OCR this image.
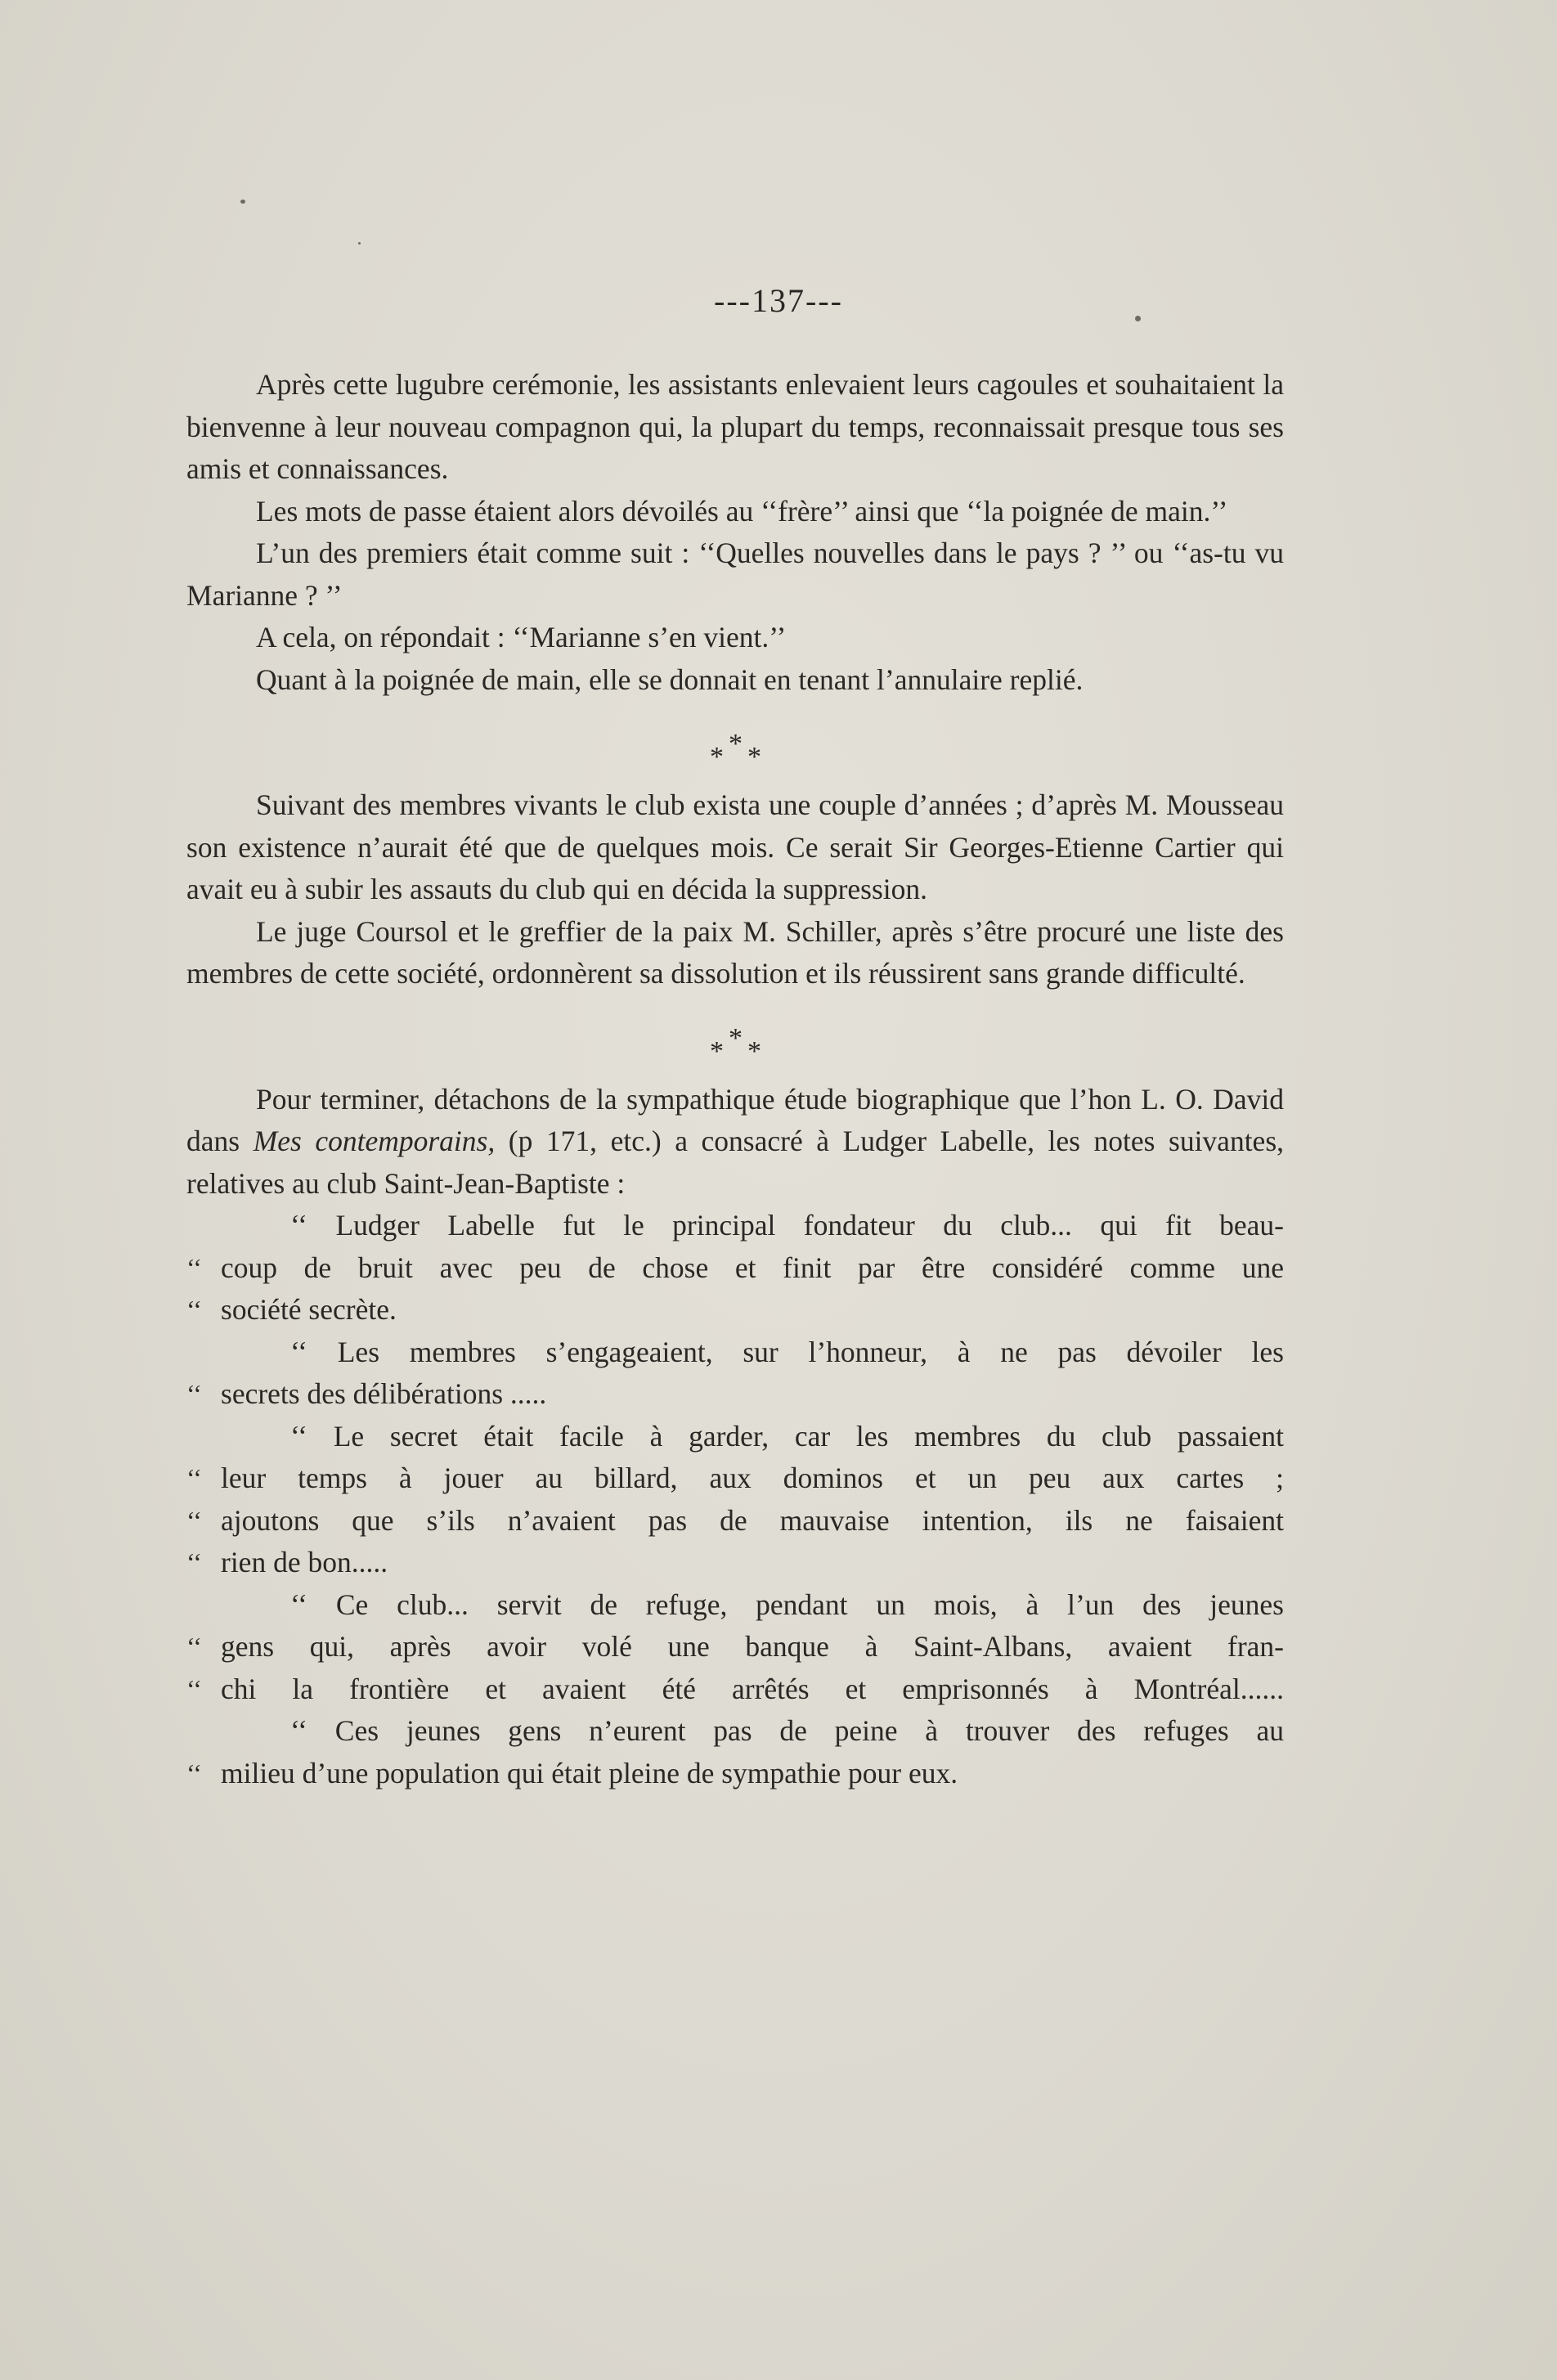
---137---

Après cette lugubre cerémonie, les assistants enlevaient leurs cagoules et souhaitaient la bienvenne à leur nouveau compagnon qui, la plupart du temps, reconnaissait presque tous ses amis et connaissances.

Les mots de passe étaient alors dévoilés au ‘‘frère’’ ainsi que ‘‘la poignée de main.’’

L’un des premiers était comme suit : ‘‘Quelles nouvelles dans le pays ? ’’ ou ‘‘as-tu vu Marianne ? ’’

A cela, on répondait : ‘‘Marianne s’en vient.’’

Quant à la poignée de main, elle se donnait en tenant l’annulaire replié.

*
* *

Suivant des membres vivants le club exista une couple d’années ; d’après M. Mousseau son existence n’aurait été que de quelques mois. Ce serait Sir Georges-Etienne Cartier qui avait eu à subir les assauts du club qui en décida la suppression.

Le juge Coursol et le greffier de la paix M. Schiller, après s’être procuré une liste des membres de cette société, ordonnèrent sa dissolution et ils réussirent sans grande difficulté.

*
* *

Pour terminer, détachons de la sympathique étude biographique que l’hon L. O. David dans Mes contemporains, (p 171, etc.) a consacré à Ludger Labelle, les notes suivantes, relatives au club Saint-Jean-Baptiste :

‘‘ Ludger Labelle fut le principal fondateur du club... qui fit beau-

‘‘ coup de bruit avec peu de chose et finit par être considéré comme une

‘‘ société secrète.

‘‘ Les membres s’engageaient, sur l’honneur, à ne pas dévoiler les

‘‘ secrets des délibérations .....

‘‘ Le secret était facile à garder, car les membres du club passaient

‘‘ leur temps à jouer au billard, aux dominos et un peu aux cartes ;

‘‘ ajoutons que s’ils n’avaient pas de mauvaise intention, ils ne faisaient

‘‘ rien de bon.....

‘‘ Ce club... servit de refuge, pendant un mois, à l’un des jeunes

‘‘ gens qui, après avoir volé une banque à Saint-Albans, avaient fran-

‘‘ chi la frontière et avaient été arrêtés et emprisonnés à Montréal......

‘‘ Ces jeunes gens n’eurent pas de peine à trouver des refuges au

‘‘ milieu d’une population qui était pleine de sympathie pour eux.
